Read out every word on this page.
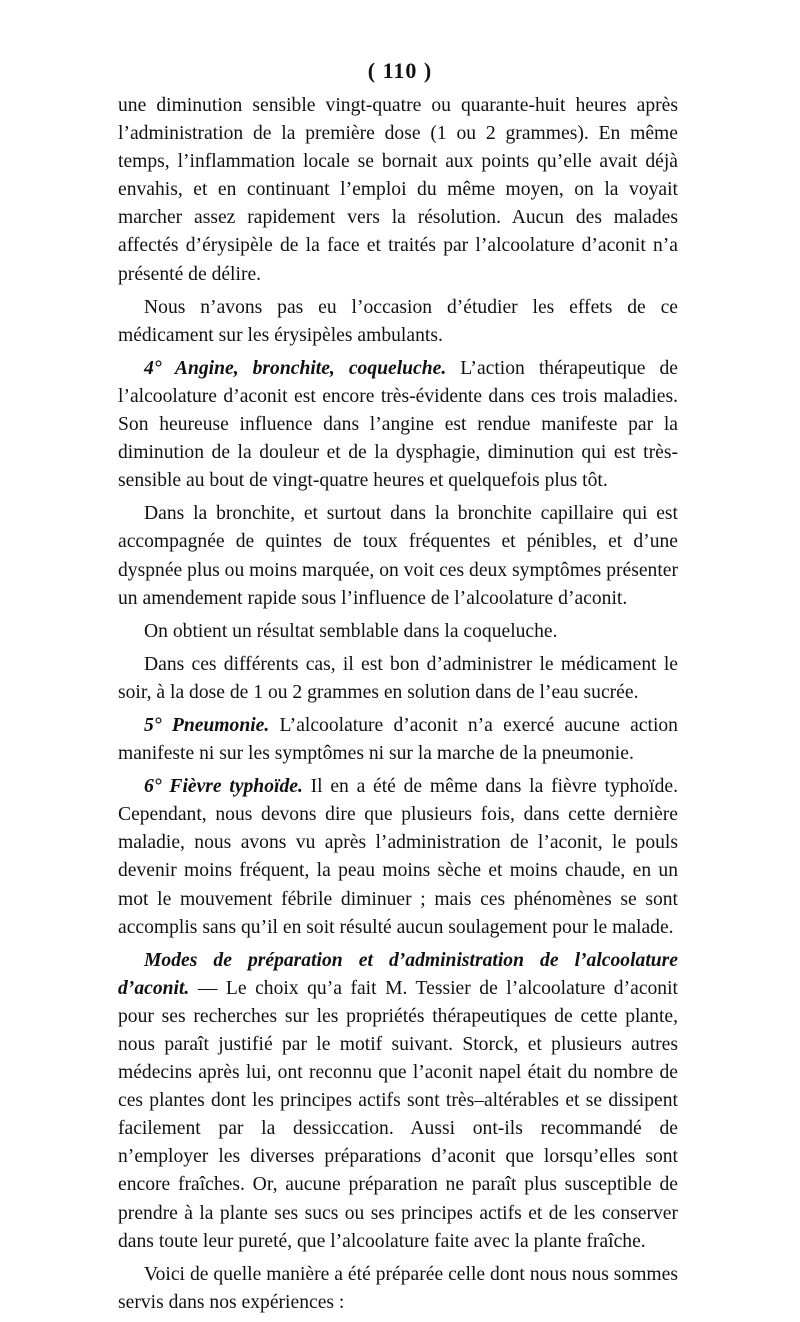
( 110 )

une diminution sensible vingt-quatre ou quarante-huit heures après l’administration de la première dose (1 ou 2 grammes). En même temps, l’inflammation locale se bornait aux points qu’elle avait déjà envahis, et en continuant l’emploi du même moyen, on la voyait marcher assez rapidement vers la résolution. Aucun des malades affectés d’érysipèle de la face et traités par l’alcoolature d’aconit n’a présenté de délire.

Nous n’avons pas eu l’occasion d’étudier les effets de ce médicament sur les érysipèles ambulants.

4° Angine, bronchite, coqueluche. L’action thérapeutique de l’alcoolature d’aconit est encore très-évidente dans ces trois maladies. Son heureuse influence dans l’angine est rendue manifeste par la diminution de la douleur et de la dysphagie, diminution qui est très-sensible au bout de vingt-quatre heures et quelquefois plus tôt.

Dans la bronchite, et surtout dans la bronchite capillaire qui est accompagnée de quintes de toux fréquentes et pénibles, et d’une dyspnée plus ou moins marquée, on voit ces deux symptômes présenter un amendement rapide sous l’influence de l’alcoolature d’aconit.

On obtient un résultat semblable dans la coqueluche.

Dans ces différents cas, il est bon d’administrer le médicament le soir, à la dose de 1 ou 2 grammes en solution dans de l’eau sucrée.

5° Pneumonie. L’alcoolature d’aconit n’a exercé aucune action manifeste ni sur les symptômes ni sur la marche de la pneumonie.

6° Fièvre typhoïde. Il en a été de même dans la fièvre typhoïde. Cependant, nous devons dire que plusieurs fois, dans cette dernière maladie, nous avons vu après l’administration de l’aconit, le pouls devenir moins fréquent, la peau moins sèche et moins chaude, en un mot le mouvement fébrile diminuer ; mais ces phénomènes se sont accomplis sans qu’il en soit résulté aucun soulagement pour le malade.

Modes de préparation et d’administration de l’alcoolature d’aconit. — Le choix qu’a fait M. Tessier de l’alcoolature d’aconit pour ses recherches sur les propriétés thérapeutiques de cette plante, nous paraît justifié par le motif suivant. Storck, et plusieurs autres médecins après lui, ont reconnu que l’aconit napel était du nombre de ces plantes dont les principes actifs sont très–altérables et se dissipent facilement par la dessiccation. Aussi ont-ils recommandé de n’employer les diverses préparations d’aconit que lorsqu’elles sont encore fraîches. Or, aucune préparation ne paraît plus susceptible de prendre à la plante ses sucs ou ses principes actifs et de les conserver dans toute leur pureté, que l’alcoolature faite avec la plante fraîche.

Voici de quelle manière a été préparée celle dont nous nous sommes servis dans nos expériences :
